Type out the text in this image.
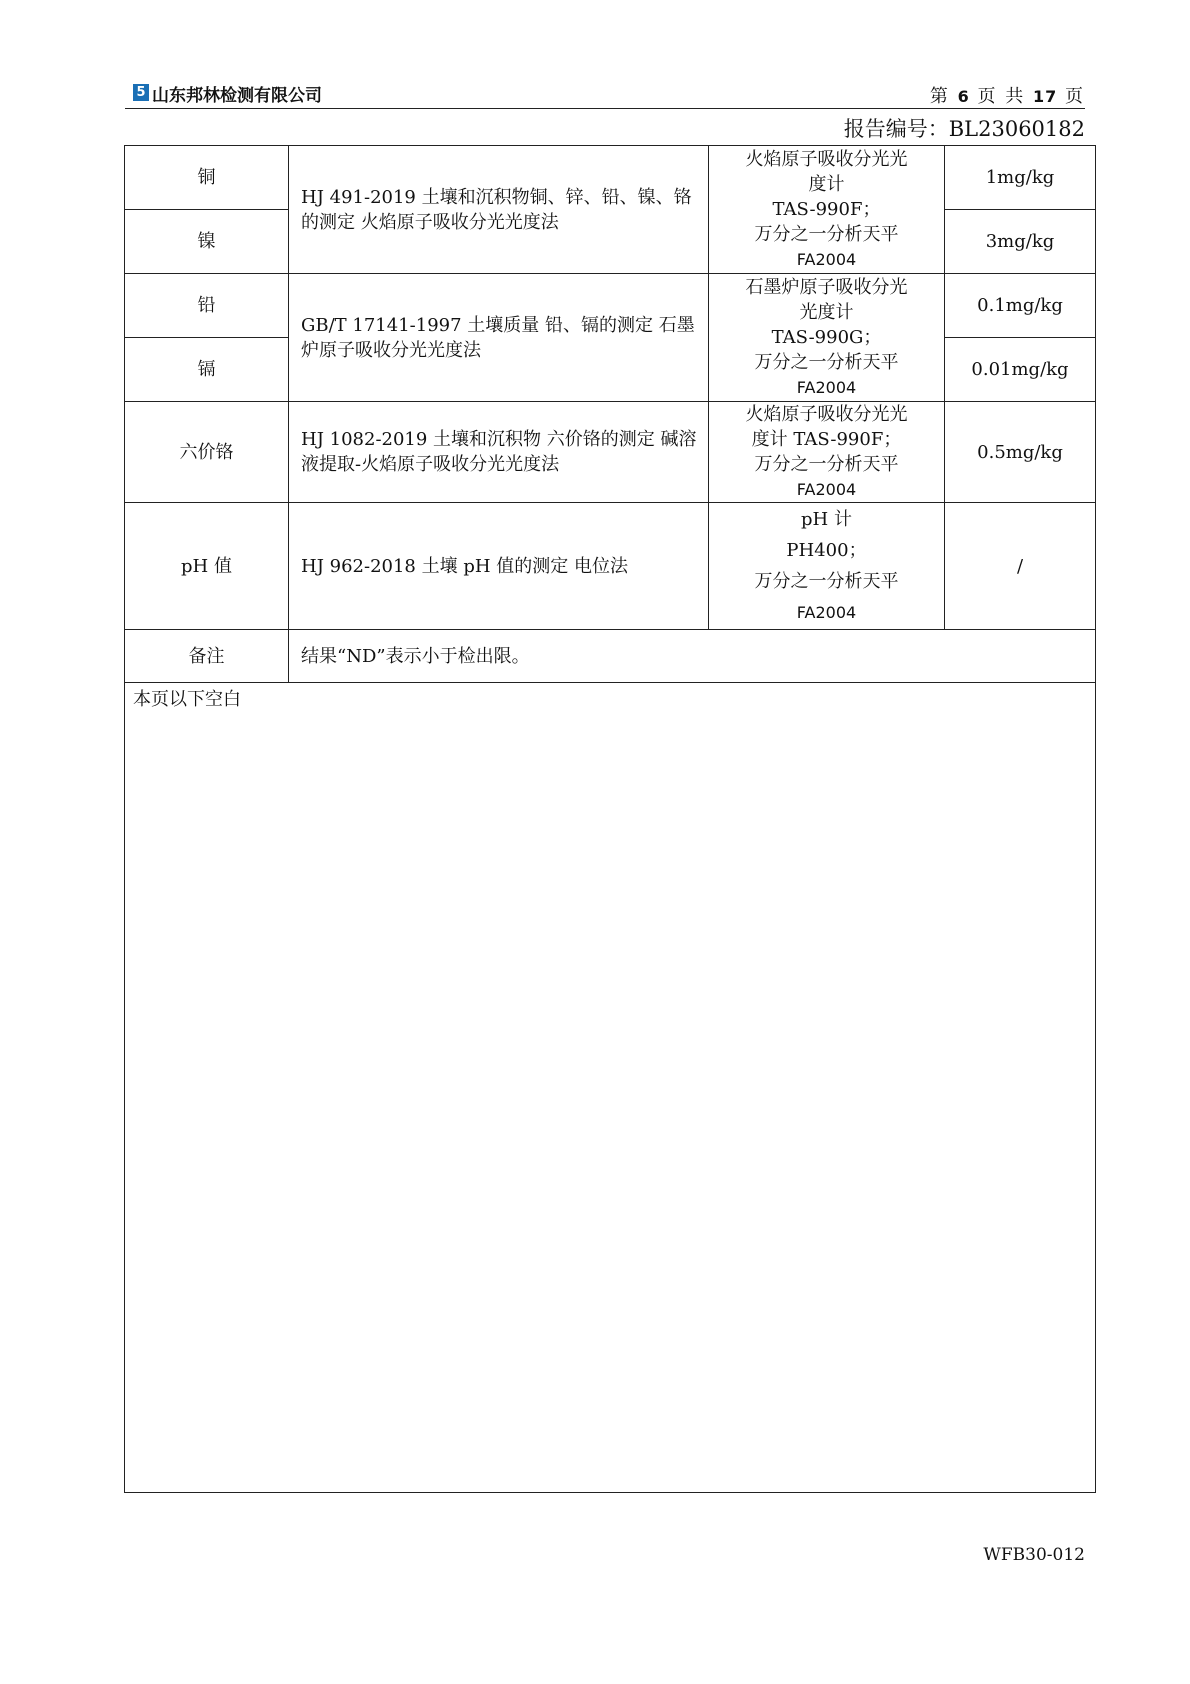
5 山东邦林检测有限公司	第 6 页 共 17 页
报告编号：BL23060182
铜	HJ 491-2019 土壤和沉积物铜、锌、铅、镍、铬的测定 火焰原子吸收分光光度法	火焰原子吸收分光光
度计
TAS-990F；
万分之一分析天平
FA2004	1mg/kg
镍			3mg/kg
铅	GB/T 17141-1997 土壤质量 铅、镉的测定 石墨炉原子吸收分光光度法	石墨炉原子吸收分光
光度计
TAS-990G；
万分之一分析天平
FA2004	0.1mg/kg
镉			0.01mg/kg
六价铬	HJ 1082-2019 土壤和沉积物 六价铬的测定 碱溶液提取-火焰原子吸收分光光度法	火焰原子吸收分光光
度计 TAS-990F；
万分之一分析天平
FA2004	0.5mg/kg
pH 值	HJ 962-2018 土壤 pH 值的测定 电位法	pH 计
PH400；
万分之一分析天平
FA2004	/
备注	结果“ND”表示小于检出限。		
本页以下空白			
WFB30-012
